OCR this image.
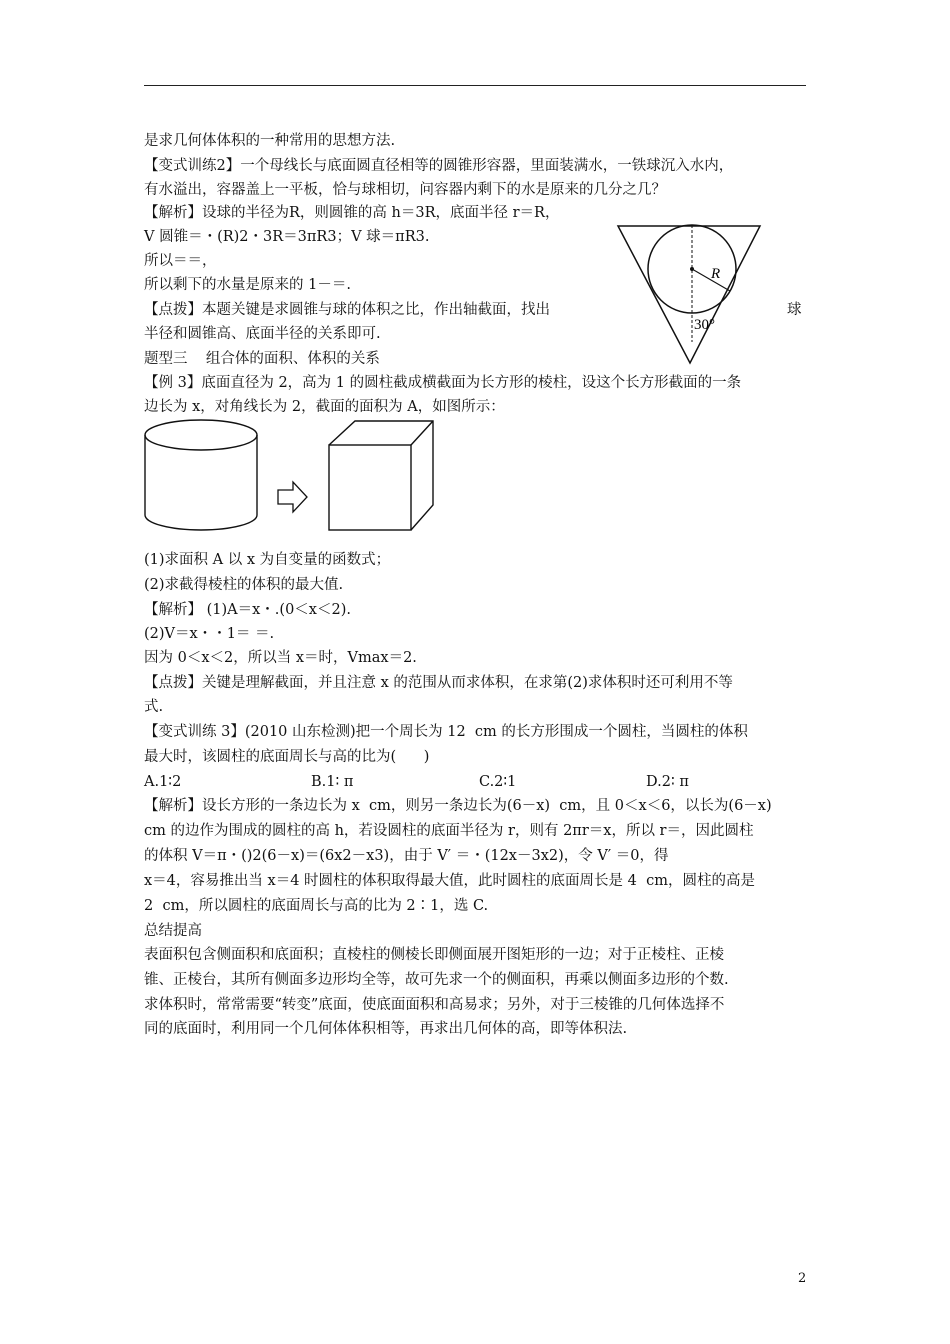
是求几何体体积的一种常用的思想方法.
【变式训练2】一个母线长与底面圆直径相等的圆锥形容器，里面装满水，一铁球沉入水内，
有水溢出，容器盖上一平板，恰与球相切，问容器内剩下的水是原来的几分之几？
【解析】设球的半径为R，则圆锥的高 h＝3R，底面半径 r＝R，
V 圆锥＝・(R)2・3R＝3πR3；V 球＝πR3.
所以＝＝，
所以剩下的水量是原来的 1－＝.
【点拨】本题关键是求圆锥与球的体积之比，作出轴截面，找出	球
半径和圆锥高、底面半径的关系即可.
题型三    组合体的面积、体积的关系
【例 3】底面直径为 2，高为 1 的圆柱截成横截面为长方形的棱柱，设这个长方形截面的一条
边长为 x，对角线长为 2，截面的面积为 A，如图所示：
(1)求面积 A 以 x 为自变量的函数式；
(2)求截得棱柱的体积的最大值.
【解析】 (1)A＝x・.(0＜x＜2).
(2)V＝x・・1＝ ＝.
因为 0＜x＜2，所以当 x＝时，Vmax＝2.
【点拨】关键是理解截面，并且注意 x 的范围从而求体积，在求第(2)求体积时还可利用不等
式.
【变式训练 3】(2010 山东检测)把一个周长为 12  cm 的长方形围成一个圆柱，当圆柱的体积
最大时，该圆柱的底面周长与高的比为(      )
A.1∶2	B.1∶ π	C.2∶1	D.2∶ π
【解析】设长方形的一条边长为 x  cm，则另一条边长为(6－x)  cm，且 0＜x＜6，以长为(6－x)
cm 的边作为围成的圆柱的高 h，若设圆柱的底面半径为 r，则有 2πr＝x，所以 r＝，因此圆柱
的体积 V＝π・()2(6－x)＝(6x2－x3)，由于 V′ ＝・(12x－3x2)，令 V′ ＝0，得
x＝4，容易推出当 x＝4 时圆柱的体积取得最大值，此时圆柱的底面周长是 4  cm，圆柱的高是
2  cm，所以圆柱的底面周长与高的比为 2∶1，选 C.
总结提高
表面积包含侧面积和底面积；直棱柱的侧棱长即侧面展开图矩形的一边；对于正棱柱、正棱
锥、正棱台，其所有侧面多边形均全等，故可先求一个的侧面积，再乘以侧面多边形的个数.
求体积时，常常需要“转变”底面，使底面面积和高易求；另外，对于三棱锥的几何体选择不
同的底面时，利用同一个几何体体积相等，再求出几何体的高，即等体积法.
R
30°
2
